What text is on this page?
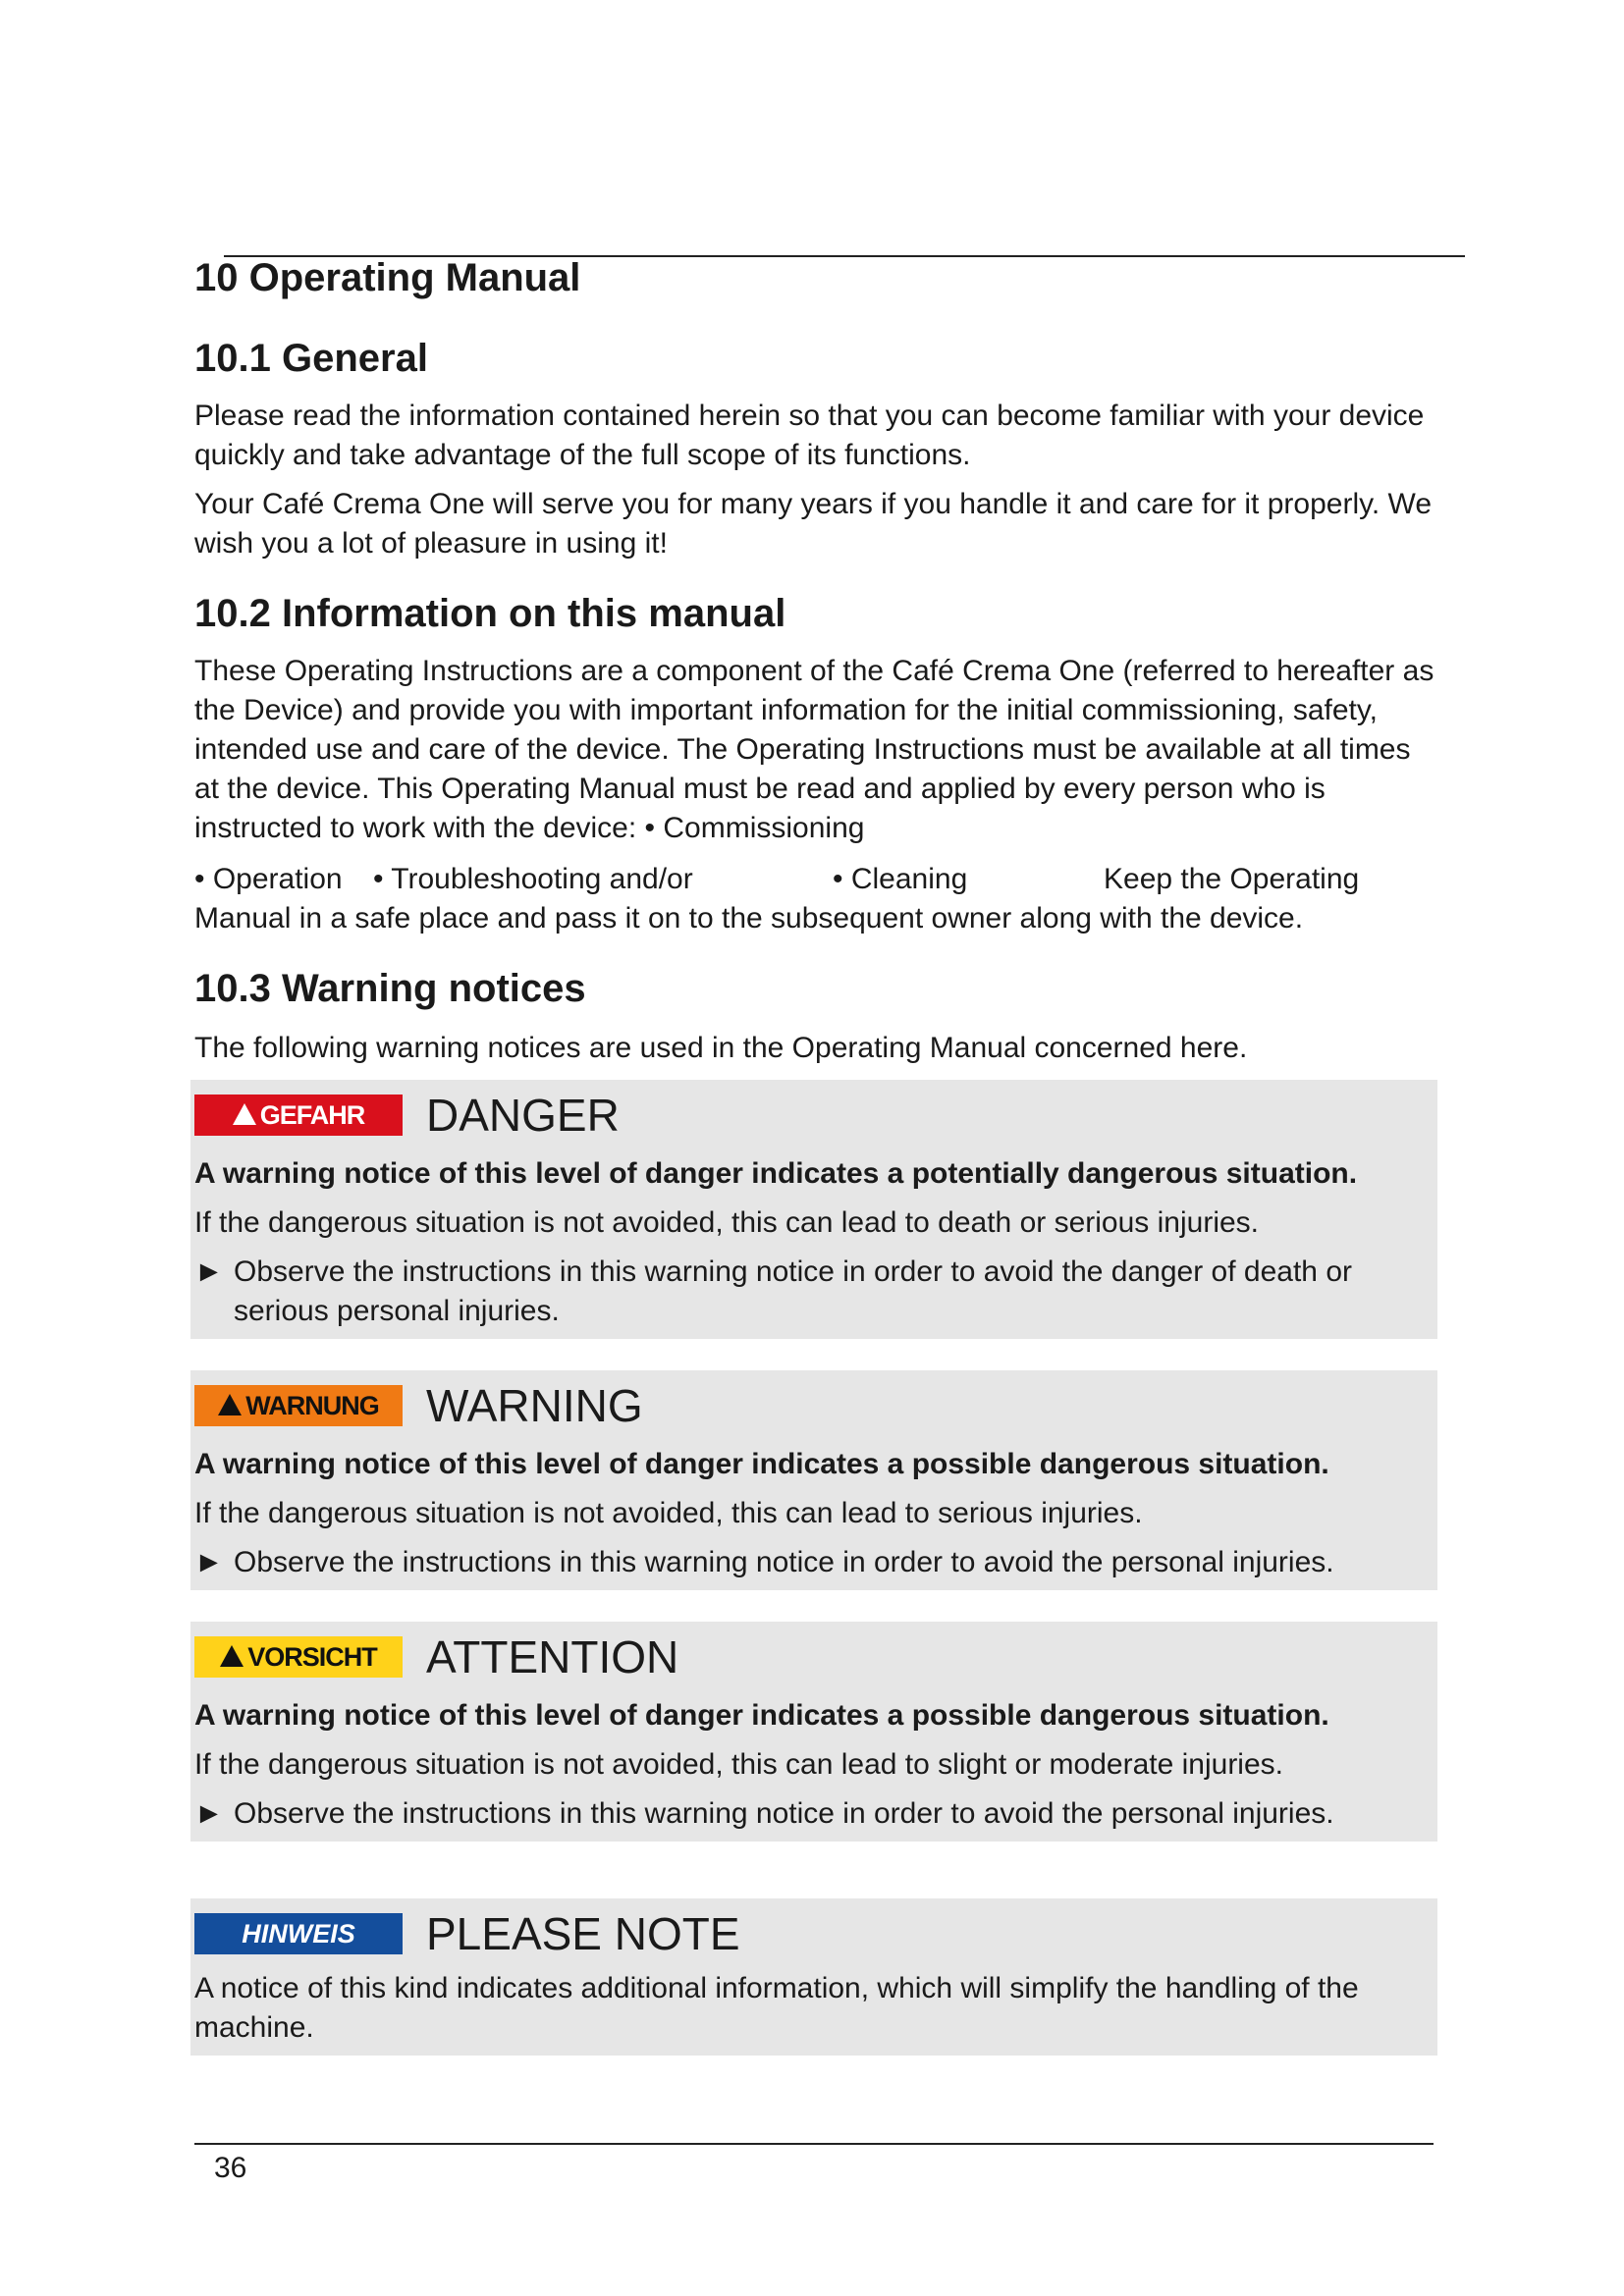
10 Operating Manual
10.1 General

Please read the information contained herein so that you can become familiar with your device quickly and take advantage of the full scope of its functions.

Your Café Crema One will serve you for many years if you handle it and care for it properly. We wish you a lot of pleasure in using it!

10.2 Information on this manual

These Operating Instructions are a component of the Café Crema One (referred to hereafter as the Device) and provide you with important information for the initial commissioning, safety, intended use and care of the device. The Operating Instructions must be available at all times at the device. This Operating Manual must be read and applied by every person who is instructed to work with the device: • Commissioning

• Operation • Troubleshooting and/or	• Cleaning	Keep the Operating

Manual in a safe place and pass it on to the subsequent owner along with the device.

10.3 Warning notices

The following warning notices are used in the Operating Manual concerned here.

GEFAHR DANGER

A warning notice of this level of danger indicates a potentially dangerous situation.

If the dangerous situation is not avoided, this can lead to death or serious injuries.

► Observe the instructions in this warning notice in order to avoid the danger of death or serious personal injuries.
WARNUNG WARNING

A warning notice of this level of danger indicates a possible dangerous situation.

If the dangerous situation is not avoided, this can lead to serious injuries.

► Observe the instructions in this warning notice in order to avoid the personal injuries.
VORSICHT ATTENTION

A warning notice of this level of danger indicates a possible dangerous situation.

If the dangerous situation is not avoided, this can lead to slight or moderate injuries.

► Observe the instructions in this warning notice in order to avoid the personal injuries.
HINWEIS PLEASE NOTE

A notice of this kind indicates additional information, which will simplify the handling of the machine.

36
